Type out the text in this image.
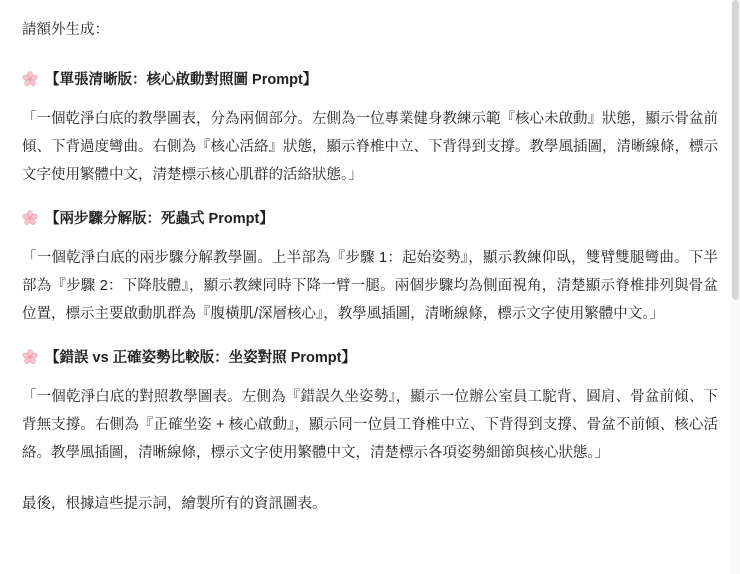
請額外生成：

【單張清晰版：核心啟動對照圖 Prompt】

「一個乾淨白底的教學圖表，分為兩個部分。左側為一位專業健身教練示範『核心未啟動』狀態，顯示骨盆前傾、下背過度彎曲。右側為『核心活絡』狀態，顯示脊椎中立、下背得到支撐。教學風插圖，清晰線條，標示文字使用繁體中文，清楚標示核心肌群的活絡狀態。」

【兩步驟分解版：死蟲式 Prompt】

「一個乾淨白底的兩步驟分解教學圖。上半部為『步驟 1：起始姿勢』，顯示教練仰臥，雙臂雙腿彎曲。下半部為『步驟 2：下降肢體』，顯示教練同時下降一臂一腿。兩個步驟均為側面視角，清楚顯示脊椎排列與骨盆位置，標示主要啟動肌群為『腹橫肌/深層核心』，教學風插圖，清晰線條，標示文字使用繁體中文。」

【錯誤 vs 正確姿勢比較版：坐姿對照 Prompt】

「一個乾淨白底的對照教學圖表。左側為『錯誤久坐姿勢』，顯示一位辦公室員工駝背、圓肩、骨盆前傾、下背無支撐。右側為『正確坐姿 + 核心啟動』，顯示同一位員工脊椎中立、下背得到支撐、骨盆不前傾、核心活絡。教學風插圖，清晰線條，標示文字使用繁體中文，清楚標示各項姿勢細節與核心狀態。」

最後，根據這些提示詞，繪製所有的資訊圖表。
